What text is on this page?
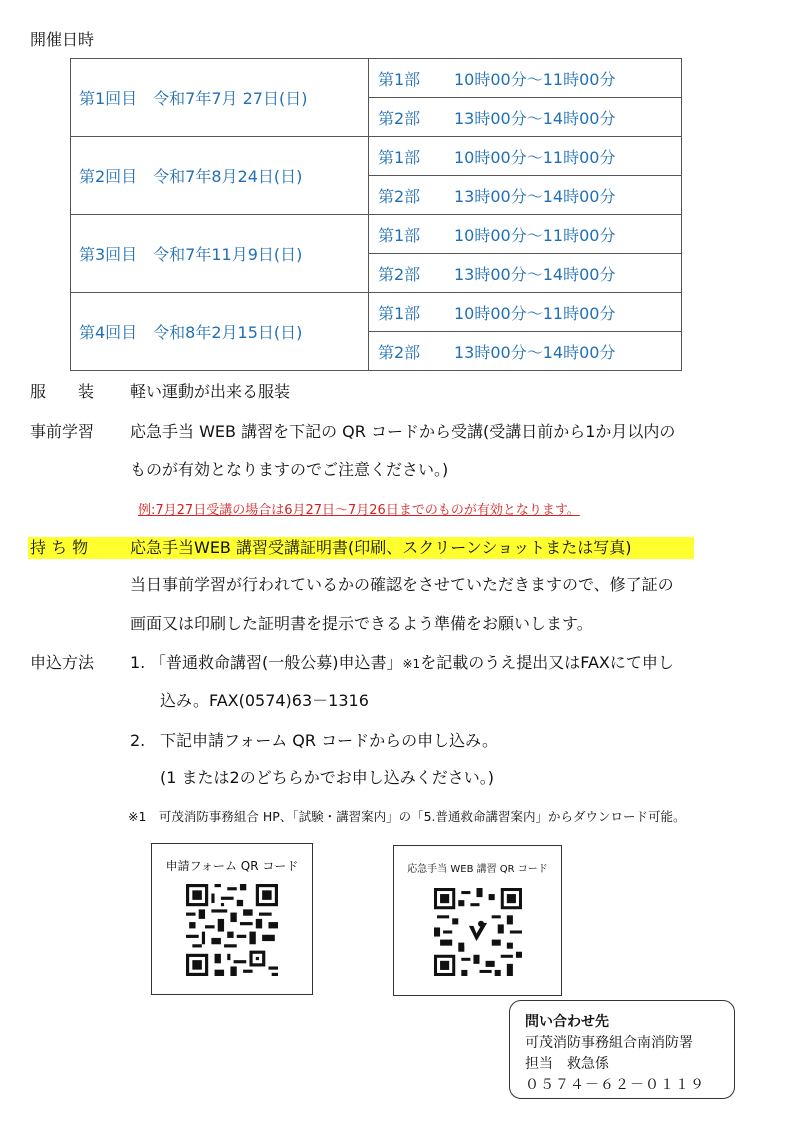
開催日時
第1回目　令和7年7月 27日(日)	第1部 10時00分～11時00分
	第2部 13時00分～14時00分
第2回目　令和7年8月24日(日)	第1部 10時00分～11時00分
	第2部 13時00分～14時00分
第3回目　令和7年11月9日(日)	第1部 10時00分～11時00分
	第2部 13時00分～14時00分
第4回目　令和8年2月15日(日)	第1部 10時00分～11時00分
	第2部 13時00分～14時00分
服　　装 軽い運動が出来る服装
事前学習 応急手当 WEB 講習を下記の QR コードから受講(受講日前から1か月以内の
ものが有効となりますのでご注意ください。)
例:7月27日受講の場合は6月27日～7月26日までのものが有効となります。
持 ち 物	応急手当WEB 講習受講証明書(印刷、スクリーンショットまたは写真)
当日事前学習が行われているかの確認をさせていただきますので、修了証の
画面又は印刷した証明書を提示できるよう準備をお願いします。
申込方法 1. 「普通救命講習(一般公募)申込書」※1を記載のうえ提出又はFAXにて申し
込み。FAX(0574)63－1316
2. 下記申請フォーム QR コードからの申し込み。
(1 または2のどちらかでお申し込みください。)
※1　可茂消防事務組合 HP、「試験・講習案内」の「5.普通救命講習案内」からダウンロード可能。
申請フォーム QR コード	応急手当 WEB 講習 QR コード
問い合わせ先
可茂消防事務組合南消防署
担当　救急係
０５７４－６２－０１１９
